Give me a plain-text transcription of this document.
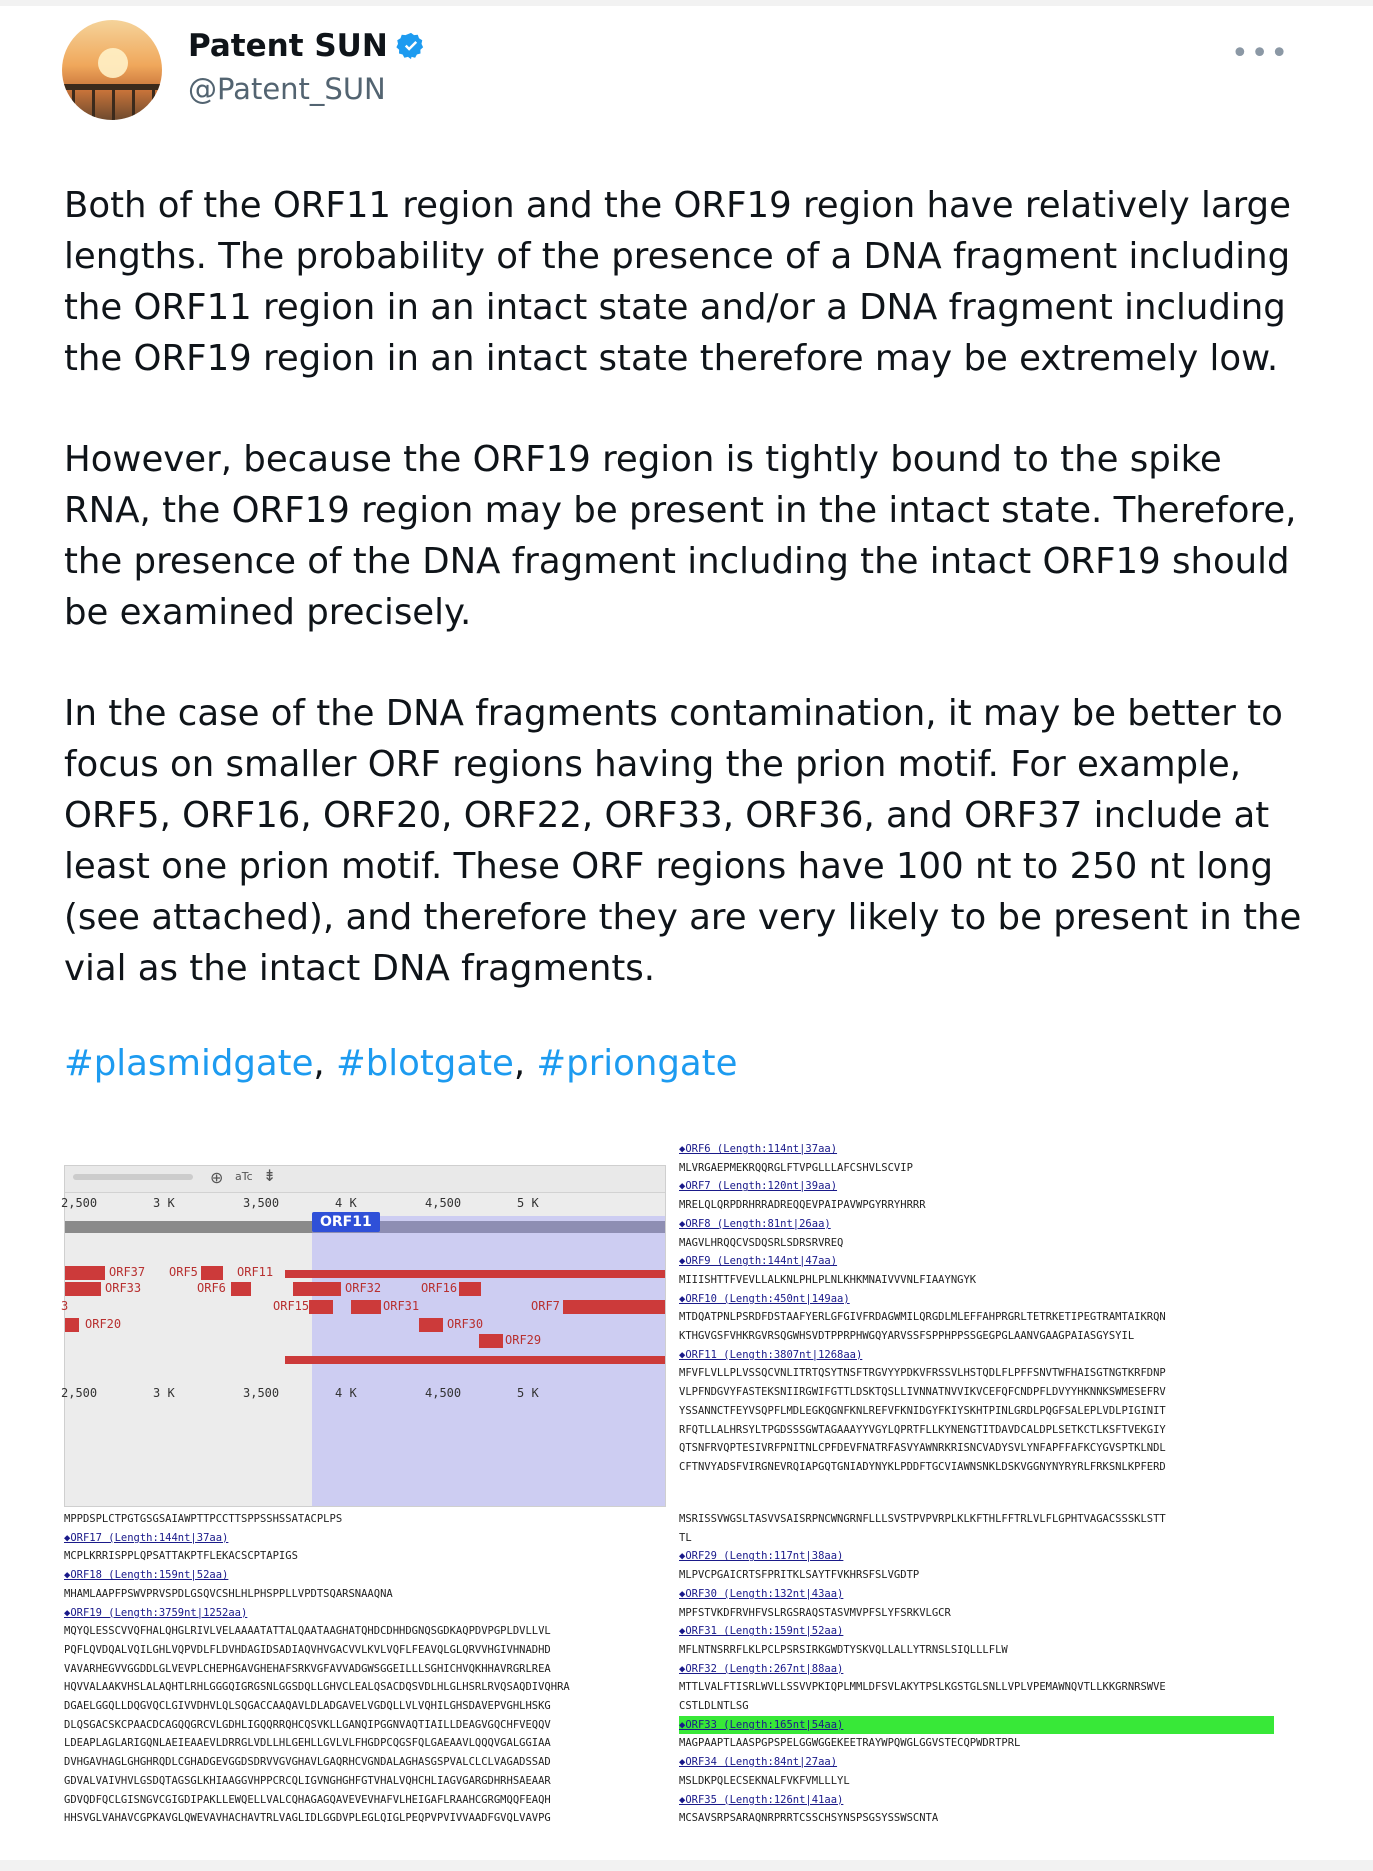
Patent SUN
@Patent_SUN
•••

Both of the ORF11 region and the ORF19 region have relatively large lengths. The probability of the presence of a DNA fragment including the ORF11 region in an intact state and/or a DNA fragment including the ORF19 region in an intact state therefore may be extremely low.

However, because the ORF19 region is tightly bound to the spike RNA, the ORF19 region may be present in the intact state. Therefore, the presence of the DNA fragment including the intact ORF19 should be examined precisely.

In the case of the DNA fragments contamination, it may be better to focus on smaller ORF regions having the prion motif. For example, ORF5, ORF16, ORF20, ORF22, ORF33, ORF36, and ORF37 include at least one prion motif. These ORF regions have 100 nt to 250 nt long (see attached), and therefore they are very likely to be present in the vial as the intact DNA fragments.

#plasmidgate, #blotgate, #priongate

⊕ aTc ⇟
2,500	3 K	3,500	4 K	4,500	5 K
ORF11
ORF37
ORF33
ORF5
ORF6
ORF11
ORF32	ORF16
ORF15	ORF31	ORF7
3
ORF20	ORF30
ORF29
2,500	3 K	3,500	4 K	4,500	5 K
◆ORF6 (Length:114nt|37aa)
MLVRGAEPMEKRQQRGLFTVPGLLLAFCSHVLSCVIP
◆ORF7 (Length:120nt|39aa)
MRELQLQRPDRHRRADREQQEVPAIPAVWPGYRRYHRRR
◆ORF8 (Length:81nt|26aa)
MAGVLHRQQCVSDQSRLSDRSRVREQ
◆ORF9 (Length:144nt|47aa)
MIIISHTTFVEVLLALKNLPHLPLNLKHKMNAIVVVNLFIAAYNGYK
◆ORF10 (Length:450nt|149aa)
MTDQATPNLPSRDFDSTAAFYERLGFGIVFRDAGWMILQRGDLMLEFFAHPRGRLTETRKETIPEGTRAMTAIKRQN
KTHGVGSFVHKRGVRSQGWHSVDTPPRPHWGQYARVSSFSPPHPPSSGEGPGLAANVGAAGPAIASGYSYIL
◆ORF11 (Length:3807nt|1268aa)
MFVFLVLLPLVSSQCVNLITRTQSYTNSFTRGVYYPDKVFRSSVLHSTQDLFLPFFSNVTWFHAISGTNGTKRFDNP
VLPFNDGVYFASTEKSNIIRGWIFGTTLDSKTQSLLIVNNATNVVIKVCEFQFCNDPFLDVYYHKNNKSWMESEFRV
YSSANNCTFEYVSQPFLMDLEGKQGNFKNLREFVFKNIDGYFKIYSKHTPINLGRDLPQGFSALEPLVDLPIGINIT
RFQTLLALHRSYLTPGDSSSGWTAGAAAYYVGYLQPRTFLLKYNENGTITDAVDCALDPLSETKCTLKSFTVEKGIY
QTSNFRVQPTESIVRFPNITNLCPFDEVFNATRFASVYAWNRKRISNCVADYSVLYNFAPFFAFKCYGVSPTKLNDL
CFTNVYADSFVIRGNEVRQIAPGQTGNIADYNYKLPDDFTGCVIAWNSNKLDSKVGGNYNYRYRLFRKSNLKPFERD
MPPDSPLCTPGTGSGSAIAWPTTPCCTTSPPSSHSSATACPLPS
◆ORF17 (Length:144nt|37aa)
MCPLKRRISPPLQPSATTAKPTFLEKACSCPTAPIGS
◆ORF18 (Length:159nt|52aa)
MHAMLAAPFPSWVPRVSPDLGSQVCSHLHLPHSPPLLVPDTSQARSNAAQNA
◆ORF19 (Length:3759nt|1252aa)
MQYQLESSCVVQFHALQHGLRIVLVELAAAATATTALQAATAAGHATQHDCDHHDGNQSGDKAQPDVPGPLDVLLVL
PQFLQVDQALVQILGHLVQPVDLFLDVHDAGIDSADIAQVHVGACVVLKVLVQFLFEAVQLGLQRVVHGIVHNADHD
VAVARHEGVVGGDDLGLVEVPLCHEPHGAVGHEHAFSRKVGFAVVADGWSGGEILLLSGHICHVQKHHAVRGRLREA
HQVVALAAKVHSLALAQHTLRHLGGGQIGRGSNLGGSDQLLGHVCLEALQSACDQSVDLHLGLHSRLRVQSAQDIVQHRA
DGAELGGQLLDQGVQCLGIVVDHVLQLSQGACCAAQAVLDLADGAVELVGDQLLVLVQHILGHSDAVEPVGHLHSKG
DLQSGACSKCPAACDCAGQQGRCVLGDHLIGQQRRQHCQSVKLLGANQIPGGNVAQTIAILLDEAGVGQCHFVEQQV
LDEAPLAGLARIGQNLAEIEAAEVLDRRGLVDLLHLGEHLLGVLVLFHGDPCQGSFQLGAEAAVLQQQVGALGGIAA
DVHGAVHAGLGHGHRQDLCGHADGEVGGDSDRVVGVGHAVLGAQRHCVGNDALAGHASGSPVALCLCLVAGADSSAD
GDVALVAIVHVLGSDQTAGSGLKHIAAGGVHPPCRCQLIGVNGHGHFGTVHALVQHCHLIAGVGARGDHRHSAEAAR
GDVQDFQCLGISNGVCGIGDIPAKLLEWQELLVALCQHAGAGQAVEVEVHAFVLHEIGAFLRAAHCGRGMQQFEAQH
HHSVGLVAHAVCGPKAVGLQWEVAVHACHAVTRLVAGLIDLGGDVPLEGLQIGLPEQPVPVIVVAADFGVQLVAVPG
MSRISSVWGSLTASVVSAISRPNCWNGRNFLLLSVSTPVPVRPLKLKFTHLFFTRLVLFLGPHTVAGACSSSKLSTT
TL
◆ORF29 (Length:117nt|38aa)
MLPVCPGAICRTSFPRITKLSAYTFVKHRSFSLVGDTP
◆ORF30 (Length:132nt|43aa)
MPFSTVKDFRVHFVSLRGSRAQSTASVMVPFSLYFSRKVLGCR
◆ORF31 (Length:159nt|52aa)
MFLNTNSRRFLKLPCLPSRSIRKGWDTYSKVQLLALLYTRNSLSIQLLLFLW
◆ORF32 (Length:267nt|88aa)
MTTLVALFTISRLWVLLSSVVPKIQPLMMLDFSVLAKYTPSLKGSTGLSNLLVPLVPEMAWNQVTLLKKGRNRSWVE
CSTLDLNTLSG
◆ORF33 (Length:165nt|54aa)
MAGPAAPTLAASPGPSPELGGWGGEKEETRAYWPQWGLGGVSTECQPWDRTPRL
◆ORF34 (Length:84nt|27aa)
MSLDKPQLECSEKNALFVKFVMLLLYL
◆ORF35 (Length:126nt|41aa)
MCSAVSRPSARAQNRPRRTCSSCHSYNSPSGSYSSWSCNTA
